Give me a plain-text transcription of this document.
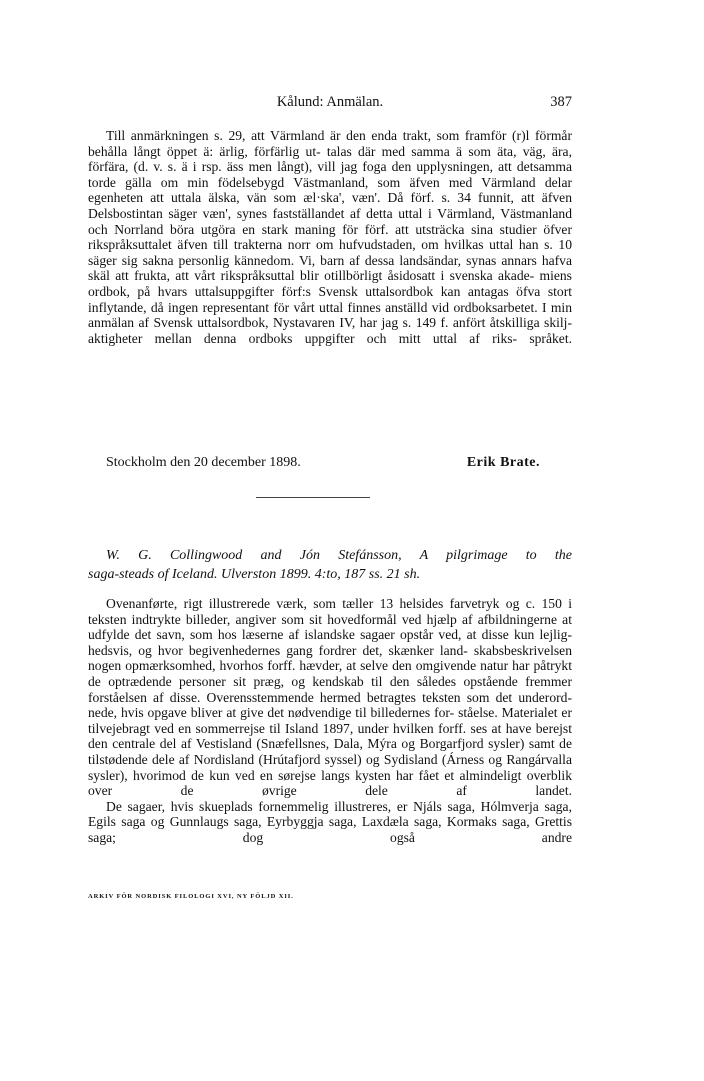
Kålund: Anmälan.	387

Till anmärkningen s. 29, att Värmland är den enda trakt, som framför (r)l förmår behålla långt öppet ä: ärlig, förfärlig ut- talas där med samma ä som äta, väg, ära, förfära, (d. v. s. ä i rsp. äss men långt), vill jag foga den upplysningen, att detsamma torde gälla om min födelsebygd Västmanland, som äfven med Värmland delar egenheten att uttala älska, vän som æl·ska', væn'. Då förf. s. 34 funnit, att äfven Delsbostintan säger væn', synes fastställandet af detta uttal i Värmland, Västmanland och Norrland böra utgöra en stark maning för förf. att utsträcka sina studier öfver rikspråksuttalet äfven till trakterna norr om hufvudstaden, om hvilkas uttal han s. 10 säger sig sakna personlig kännedom. Vi, barn af dessa landsändar, synas annars hafva skäl att frukta, att vårt rikspråksuttal blir otillbörligt åsidosatt i svenska akade- miens ordbok, på hvars uttalsuppgifter förf:s Svensk uttalsordbok kan antagas öfva stort inflytande, då ingen representant för vårt uttal finnes anställd vid ordboksarbetet. I min anmälan af Svensk uttalsordbok, Nystavaren IV, har jag s. 149 f. anfört åtskilliga skilj- aktigheter mellan denna ordboks uppgifter och mitt uttal af riks- språket.

Stockholm den 20 december 1898.	Erik Brate.
W. G. Collingwood and Jón Stefánsson, A pilgrimage to the
saga-steads of Iceland. Ulverston 1899. 4:to, 187 ss. 21 sh.

Ovenanførte, rigt illustrerede værk, som tæller 13 helsides farvetryk og c. 150 i teksten indtrykte billeder, angiver som sit hovedformål ved hjælp af afbildningerne at udfylde det savn, som hos læserne af islandske sagaer opstår ved, at disse kun lejlig- hedsvis, og hvor begivenhedernes gang fordrer det, skænker land- skabsbeskrivelsen nogen opmærksomhed, hvorhos forff. hævder, at selve den omgivende natur har påtrykt de optrædende personer sit præg, og kendskab til den således opstående fremmer forståelsen af disse. Overensstemmende hermed betragtes teksten som det underord- nede, hvis opgave bliver at give det nødvendige til billedernes for- ståelse. Materialet er tilvejebragt ved en sommerrejse til Island 1897, under hvilken forff. ses at have berejst den centrale del af Vestisland (Snæfellsnes, Dala, Mýra og Borgarfjord sysler) samt de tilstødende dele af Nordisland (Hrútafjord syssel) og Sydisland (Árness og Rangárvalla sysler), hvorimod de kun ved en sørejse langs kysten har fået et almindeligt overblik over de øvrige dele af landet.

De sagaer, hvis skueplads fornemmelig illustreres, er Njáls saga, Hólmverja saga, Egils saga og Gunnlaugs saga, Eyrbyggja saga, Laxdæla saga, Kormaks saga, Grettis saga; dog også andre

ARKIV FÖR NORDISK FILOLOGI XVI, NY FÖLJD XII.
